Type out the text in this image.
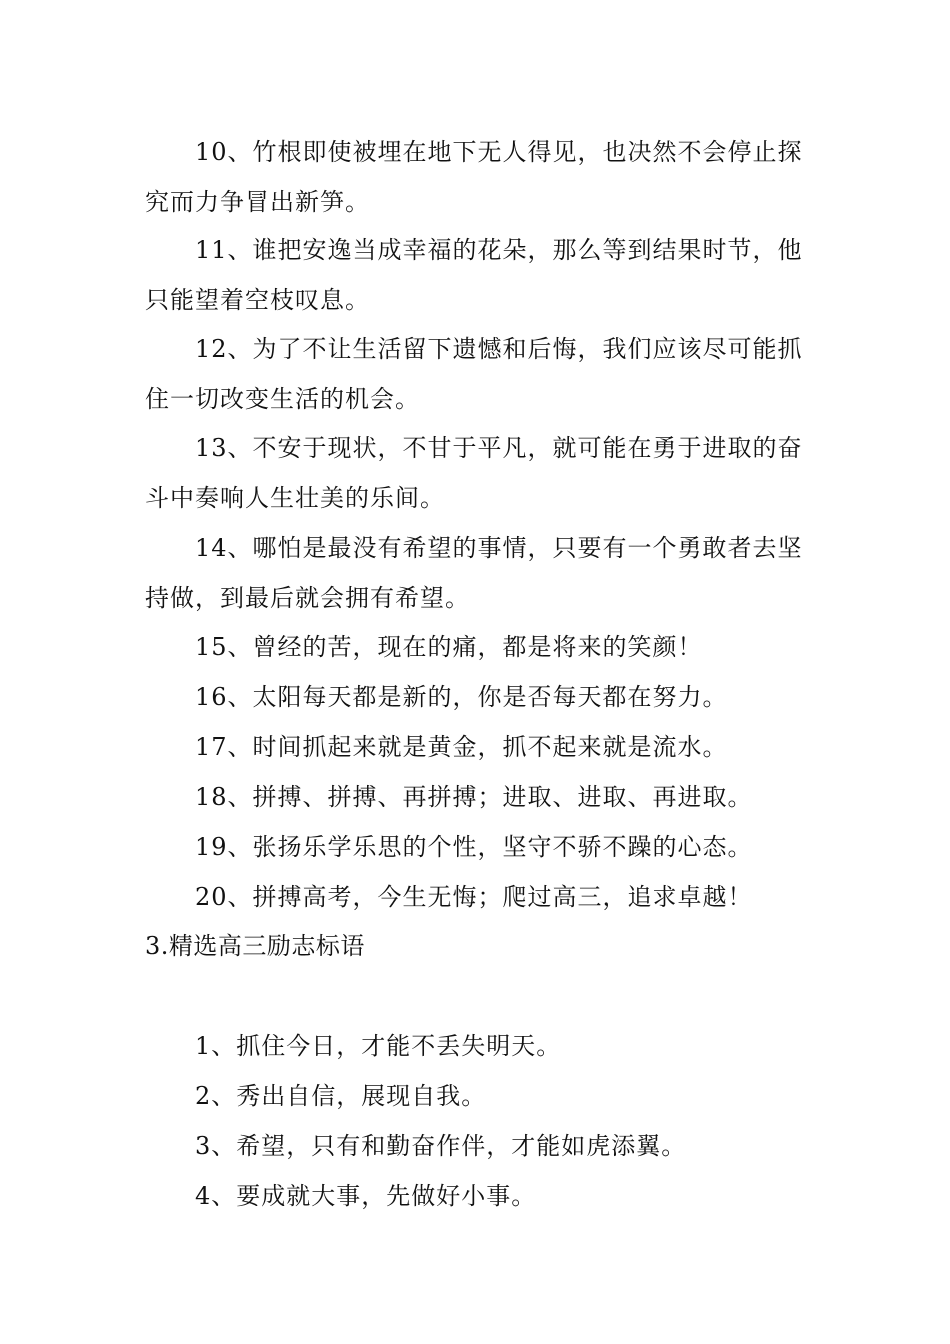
10、竹根即使被埋在地下无人得见，也决然不会停止探究而力争冒出新笋。

11、谁把安逸当成幸福的花朵，那么等到结果时节，他只能望着空枝叹息。

12、为了不让生活留下遗憾和后悔，我们应该尽可能抓住一切改变生活的机会。

13、不安于现状，不甘于平凡，就可能在勇于进取的奋斗中奏响人生壮美的乐间。

14、哪怕是最没有希望的事情，只要有一个勇敢者去坚持做，到最后就会拥有希望。

15、曾经的苦，现在的痛，都是将来的笑颜！

16、太阳每天都是新的，你是否每天都在努力。

17、时间抓起来就是黄金，抓不起来就是流水。

18、拼搏、拼搏、再拼搏；进取、进取、再进取。

19、张扬乐学乐思的个性，坚守不骄不躁的心态。

20、拼搏高考，今生无悔；爬过高三，追求卓越！

3.精选高三励志标语

1、抓住今日，才能不丢失明天。

2、秀出自信，展现自我。

3、希望，只有和勤奋作伴，才能如虎添翼。

4、要成就大事，先做好小事。
